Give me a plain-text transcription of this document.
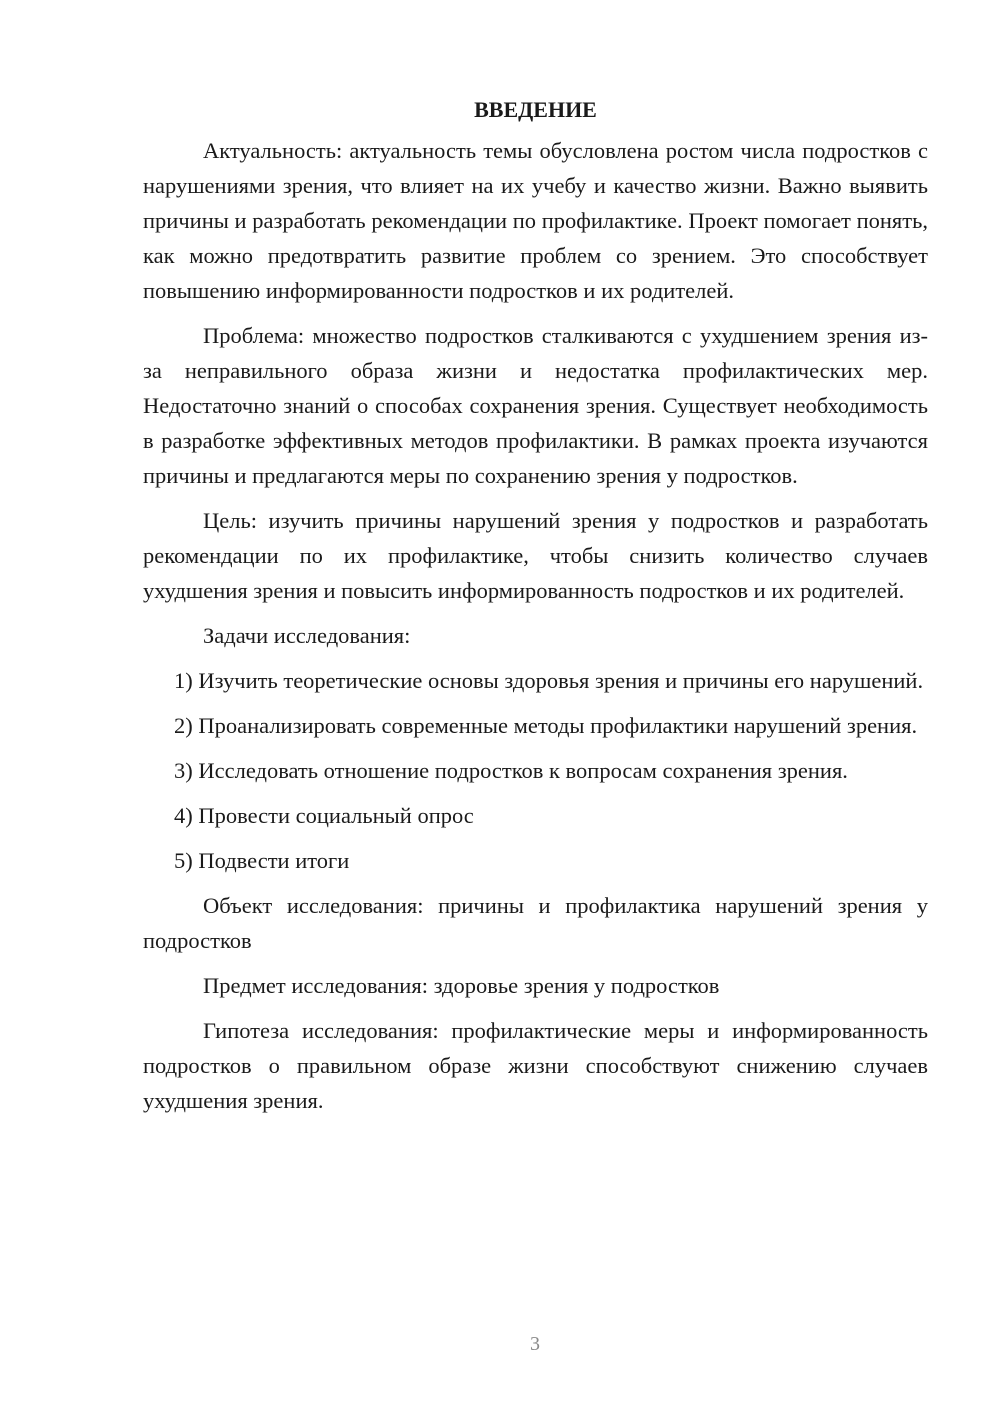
ВВЕДЕНИЕ

Актуальность: актуальность темы обусловлена ростом числа подростков с нарушениями зрения, что влияет на их учебу и качество жизни. Важно выявить причины и разработать рекомендации по профилактике. Проект помогает понять, как можно предотвратить развитие проблем со зрением. Это способствует повышению информированности подростков и их родителей.

Проблема: множество подростков сталкиваются с ухудшением зрения из-за неправильного образа жизни и недостатка профилактических мер. Недостаточно знаний о способах сохранения зрения. Существует необходимость в разработке эффективных методов профилактики. В рамках проекта изучаются причины и предлагаются меры по сохранению зрения у подростков.

Цель: изучить причины нарушений зрения у подростков и разработать рекомендации по их профилактике, чтобы снизить количество случаев ухудшения зрения и повысить информированность подростков и их родителей.

Задачи исследования:

1) Изучить теоретические основы здоровья зрения и причины его нарушений.

2) Проанализировать современные методы профилактики нарушений зрения.

3) Исследовать отношение подростков к вопросам сохранения зрения.

4) Провести социальный опрос

5) Подвести итоги

Объект исследования: причины и профилактика нарушений зрения у подростков

Предмет исследования: здоровье зрения у подростков

Гипотеза исследования: профилактические меры и информированность подростков о правильном образе жизни способствуют снижению случаев ухудшения зрения.

3
